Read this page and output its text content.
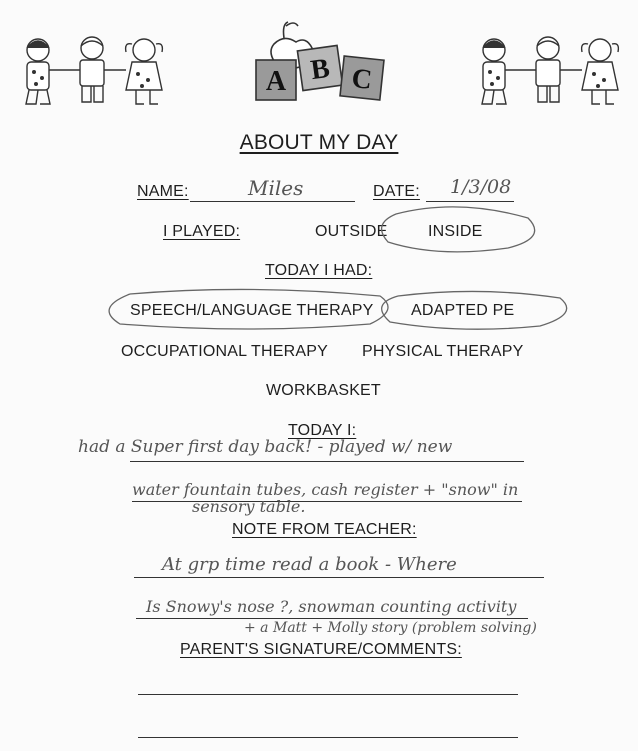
A B C
ABOUT MY DAY
NAME:	Miles	DATE: 1/3/08
I PLAYED:	OUTSIDE	INSIDE
TODAY I HAD:
SPEECH/LANGUAGE THERAPY ADAPTED PE
OCCUPATIONAL THERAPY PHYSICAL THERAPY
WORKBASKET
TODAY I:
had a Super first day back! - played w/ new
water fountain tubes, cash register + "snow" in
sensory table.
NOTE FROM TEACHER:
At grp time read a book - Where
Is Snowy's nose ?, snowman counting activity
+ a Matt + Molly story (problem solving)
PARENT'S SIGNATURE/COMMENTS:
